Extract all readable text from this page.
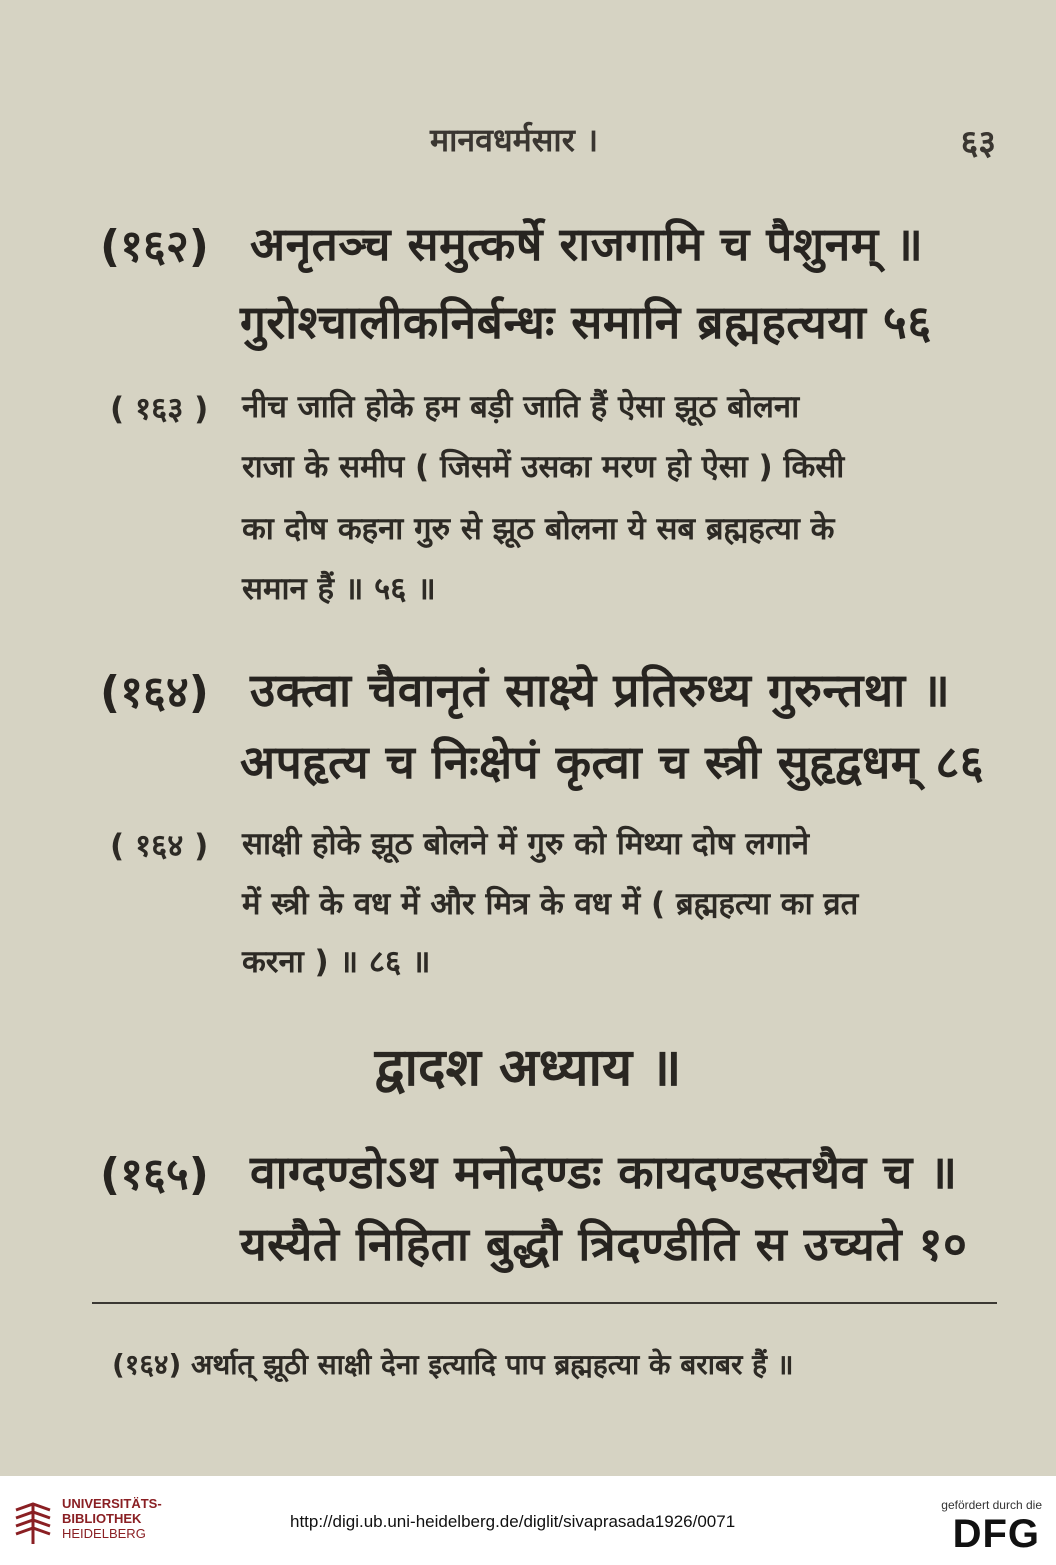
मानवधर्मसार ।	६३
(१६२) अनृतञ्च समुत्कर्षे राजगामि च पैशुनम् ॥
गुरोश्चालीकनिर्बन्धः समानि ब्रह्महत्यया ५६
( १६३ ) नीच जाति होके हम बड़ी जाति हैं ऐसा झूठ बोलना
राजा के समीप ( जिसमें उसका मरण हो ऐसा ) किसी
का दोष कहना गुरु से झूठ बोलना ये सब ब्रह्महत्या के
समान हैं ॥ ५६ ॥
(१६४) उक्त्वा चैवानृतं साक्ष्ये प्रतिरुध्य गुरुन्तथा ॥
अपहृत्य च निःक्षेपं कृत्वा च स्त्री सुहृद्वधम् ८६
( १६४ ) साक्षी होके झूठ बोलने में गुरु को मिथ्या दोष लगाने
में स्त्री के वध में और मित्र के वध में ( ब्रह्महत्या का व्रत
करना ) ॥ ८६ ॥
द्वादश अध्याय ॥
(१६५) वाग्दण्डोऽथ मनोदण्डः कायदण्डस्तथैव च ॥
यस्यैते निहिता बुद्धौ त्रिदण्डीति स उच्यते १०
(१६४) अर्थात् झूठी साक्षी देना इत्यादि पाप ब्रह्महत्या के बराबर हैं ॥
UNIVERSITÄTS-
BIBLIOTHEK
HEIDELBERG
http://digi.ub.uni-heidelberg.de/diglit/sivaprasada1926/0071
gefördert durch die
DFG
